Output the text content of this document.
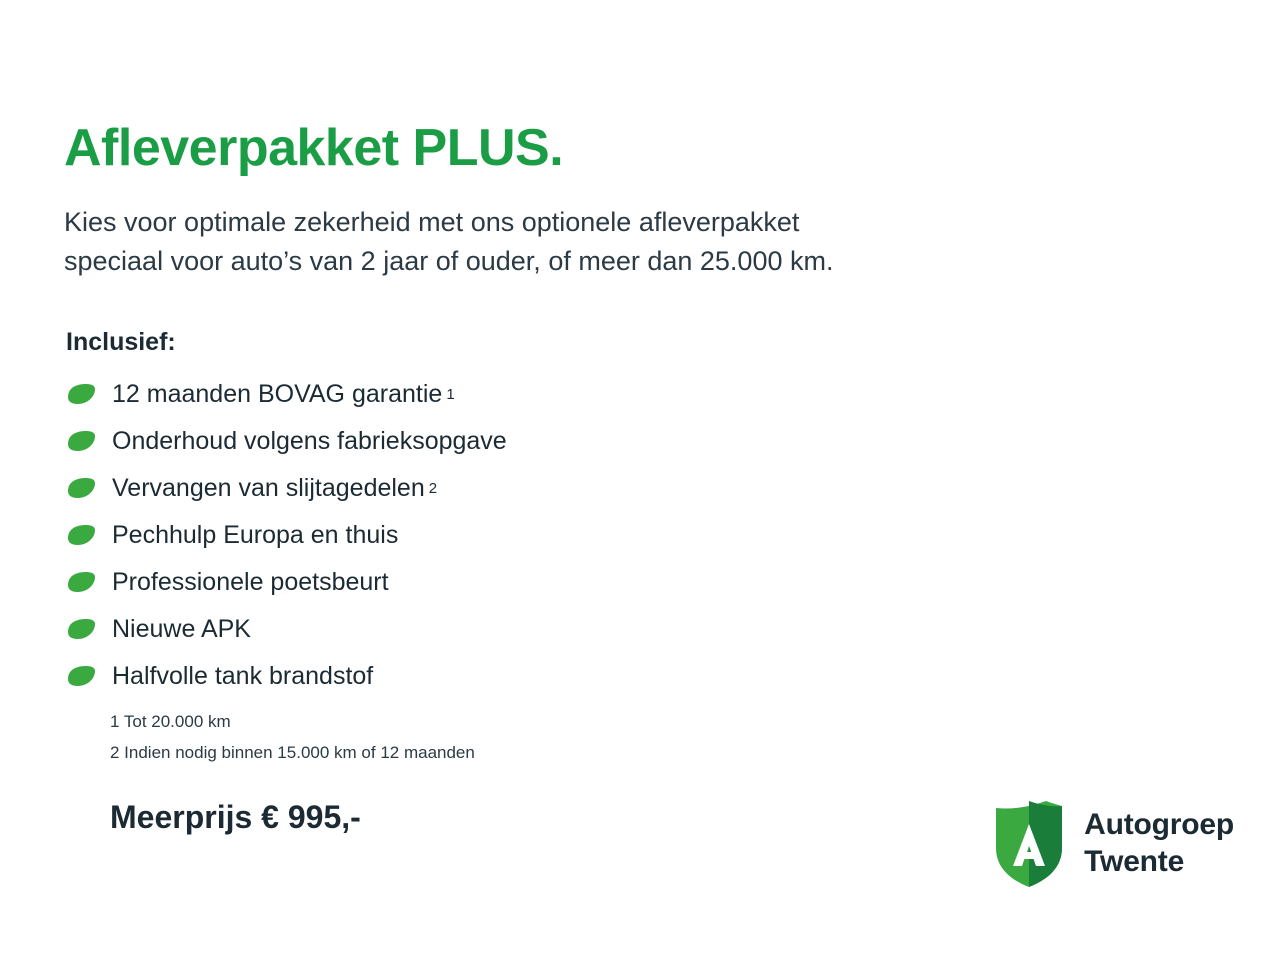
Afleverpakket PLUS.

Kies voor optimale zekerheid met ons optionele afleverpakket
speciaal voor auto’s van 2 jaar of ouder, of meer dan 25.000 km.

Inclusief:
12 maanden BOVAG garantie 1
Onderhoud volgens fabrieksopgave
Vervangen van slijtagedelen 2
Pechhulp Europa en thuis
Professionele poetsbeurt
Nieuwe APK
Halfvolle tank brandstof
1 Tot 20.000 km
2 Indien nodig binnen 15.000 km of 12 maanden
Meerprijs € 995,-	Autogroep
Twente
